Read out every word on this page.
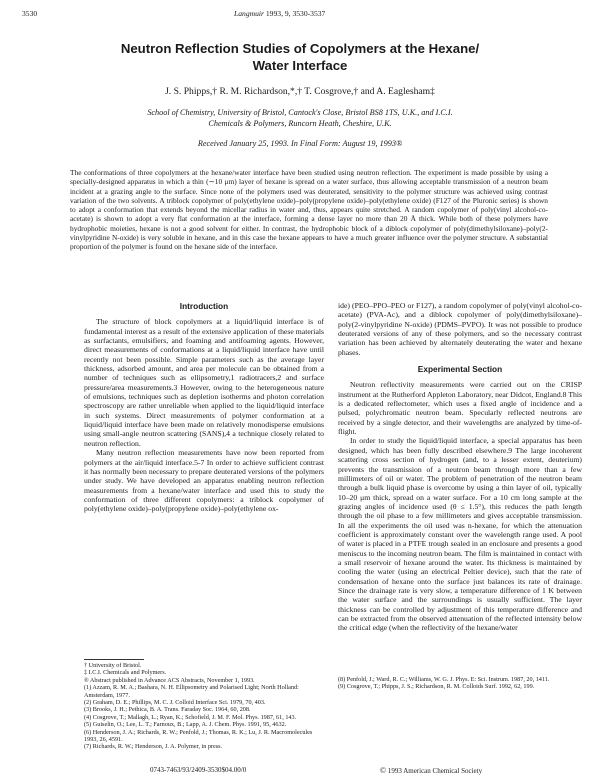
3530	Langmuir 1993, 9, 3530-3537
Neutron Reflection Studies of Copolymers at the Hexane/
Water Interface
J. S. Phipps,† R. M. Richardson,*,† T. Cosgrove,† and A. Eaglesham‡
School of Chemistry, University of Bristol, Cantock's Close, Bristol BS8 1TS, U.K., and I.C.I.
Chemicals & Polymers, Runcorn Heath, Cheshire, U.K.
Received January 25, 1993. In Final Form: August 19, 1993®
The conformations of three copolymers at the hexane/water interface have been studied using neutron reflection. The experiment is made possible by using a specially-designed apparatus in which a thin (∼10 μm) layer of hexane is spread on a water surface, thus allowing acceptable transmission of a neutron beam incident at a grazing angle to the surface. Since none of the polymers used was deuterated, sensitivity to the polymer structure was achieved using contrast variation of the two solvents. A triblock copolymer of poly(ethylene oxide)–poly(propylene oxide)–poly(ethylene oxide) (F127 of the Pluronic series) is shown to adopt a conformation that extends beyond the micellar radius in water and, thus, appears quite stretched. A random copolymer of poly(vinyl alcohol-co-acetate) is shown to adopt a very flat conformation at the interface, forming a dense layer no more than 20 Å thick. While both of these polymers have hydrophobic moieties, hexane is not a good solvent for either. In contrast, the hydrophobic block of a diblock copolymer of poly(dimethylsiloxane)–poly(2-vinylpyridine N-oxide) is very soluble in hexane, and in this case the hexane appears to have a much greater influence over the polymer structure. A substantial proportion of the polymer is found on the hexane side of the interface.
Introduction

The structure of block copolymers at a liquid/liquid interface is of fundamental interest as a result of the extensive application of these materials as surfactants, emulsifiers, and foaming and antifoaming agents. However, direct measurements of conformations at a liquid/liquid interface have until recently not been possible. Simple parameters such as the average layer thickness, adsorbed amount, and area per molecule can be obtained from a number of techniques such as ellipsometry,1 radiotracers,2 and surface pressure/area measurements.3 However, owing to the heterogeneous nature of emulsions, techniques such as depletion isotherms and photon correlation spectroscopy are rather unreliable when applied to the liquid/liquid interface in such systems. Direct measurements of polymer conformation at a liquid/liquid interface have been made on relatively monodisperse emulsions using small-angle neutron scattering (SANS),4 a technique closely related to neutron reflection.

Many neutron reflection measurements have now been reported from polymers at the air/liquid interface.5-7 In order to achieve sufficient contrast it has normally been necessary to prepare deuterated versions of the polymers under study. We have developed an apparatus enabling neutron reflection measurements from a hexane/water interface and used this to study the conformation of three different copolymers: a triblock copolymer of poly(ethylene oxide)–poly(propylene oxide)–poly(ethylene ox-

ide) (PEO–PPO–PEO or F127), a random copolymer of poly(vinyl alcohol-co-acetate) (PVA-Ac), and a diblock copolymer of poly(dimethylsiloxane)–poly(2-vinylpyridine N-oxide) (PDMS–PVPO). It was not possible to produce deuterated versions of any of these polymers, and so the necessary contrast variation has been achieved by alternately deuterating the water and hexane phases.

Experimental Section

Neutron reflectivity measurements were carried out on the CRISP instrument at the Rutherford Appleton Laboratory, near Didcot, England.8 This is a dedicated reflectometer, which uses a fixed angle of incidence and a pulsed, polychromatic neutron beam. Specularly reflected neutrons are received by a single detector, and their wavelengths are analyzed by time-of-flight.

In order to study the liquid/liquid interface, a special apparatus has been designed, which has been fully described elsewhere.9 The large incoherent scattering cross section of hydrogen (and, to a lesser extent, deuterium) prevents the transmission of a neutron beam through more than a few millimeters of oil or water. The problem of penetration of the neutron beam through a bulk liquid phase is overcome by using a thin layer of oil, typically 10–20 μm thick, spread on a water surface. For a 10 cm long sample at the grazing angles of incidence used (θ ≤ 1.5°), this reduces the path length through the oil phase to a few millimeters and gives acceptable transmission. In all the experiments the oil used was n-hexane, for which the attenuation coefficient is approximately constant over the wavelength range used. A pool of water is placed in a PTFE trough sealed in an enclosure and presents a good meniscus to the incoming neutron beam. The film is maintained in contact with a small reservoir of hexane around the water. Its thickness is maintained by cooling the water (using an electrical Peltier device), such that the rate of condensation of hexane onto the surface just balances its rate of drainage. Since the drainage rate is very slow, a temperature difference of 1 K between the water surface and the surroundings is usually sufficient. The layer thickness can be controlled by adjustment of this temperature difference and can be extracted from the observed attenuation of the reflected intensity below the critical edge (when the reflectivity of the hexane/water

† University of Bristol.
‡ I.C.I. Chemicals and Polymers.
® Abstract published in Advance ACS Abstracts, November 1, 1993.
(1) Azzam, R. M. A.; Bashara, N. H. Ellipsometry and Polarised Light; North Holland: Amsterdam, 1977.
(2) Graham, D. E.; Phillips, M. C. J. Colloid Interface Sci. 1979, 70, 403.
(3) Brooks, J. H.; Pethica, B. A. Trans. Faraday Soc. 1964, 60, 208.
(4) Cosgrove, T.; Mallagh, L.; Ryan, K.; Schofield, J. M. F. Mol. Phys. 1987, 61, 143.
(5) Guiselin, O.; Lee, L. T.; Farnoux, B.; Lapp, A. J. Chem. Phys. 1991, 95, 4632.
(6) Henderson, J. A.; Richards, R. W.; Penfold, J.; Thomas, R. K.; Lu, J. R. Macromolecules 1993, 26, 4591.
(7) Richards, R. W.; Henderson, J. A. Polymer, in press.
(8) Penfold, J.; Ward, R. C.; Williams, W. G. J. Phys. E: Sci. Instrum. 1987, 20, 1411.
(9) Cosgrove, T.; Phipps, J. S.; Richardson, R. M. Colloids Surf. 1992, 62, 199.
0743-7463/93/2409-3530$04.00/0	© 1993 American Chemical Society
